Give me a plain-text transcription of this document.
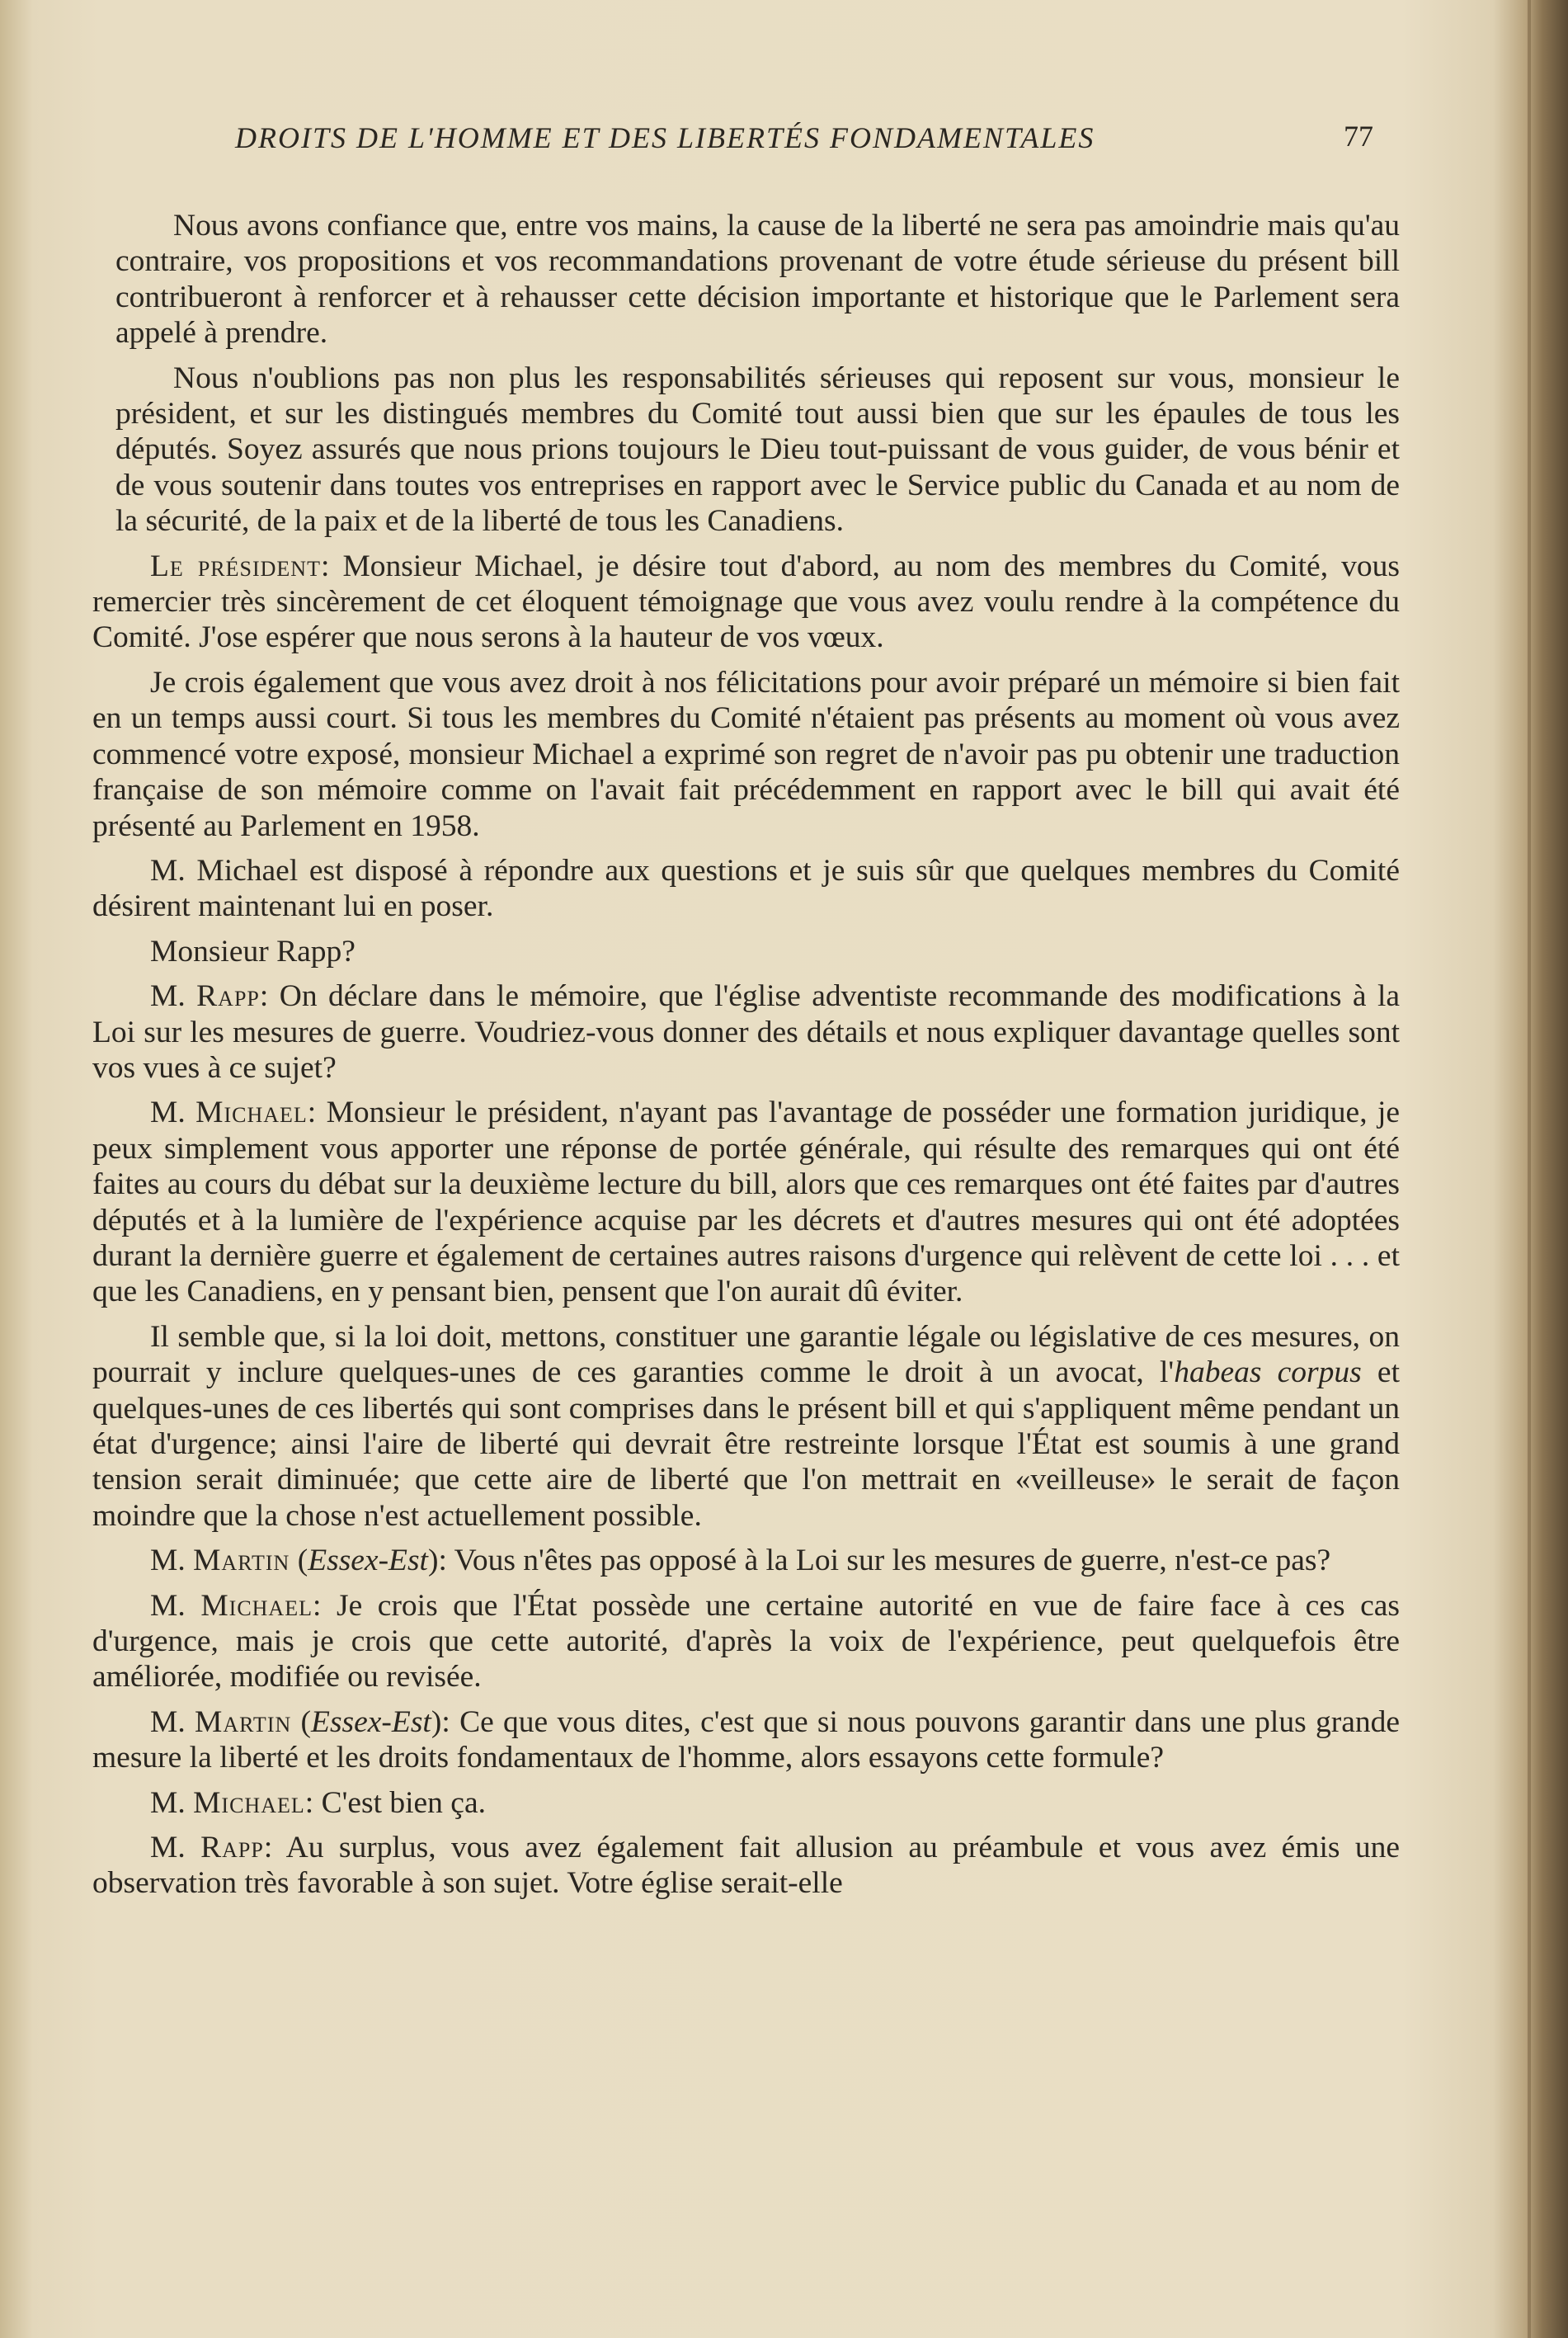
DROITS DE L'HOMME ET DES LIBERTÉS FONDAMENTALES	77

Nous avons confiance que, entre vos mains, la cause de la liberté ne sera pas amoindrie mais qu'au contraire, vos propositions et vos recommandations provenant de votre étude sérieuse du présent bill contribueront à renforcer et à rehausser cette décision importante et historique que le Parlement sera appelé à prendre.

Nous n'oublions pas non plus les responsabilités sérieuses qui reposent sur vous, monsieur le président, et sur les distingués membres du Comité tout aussi bien que sur les épaules de tous les députés. Soyez assurés que nous prions toujours le Dieu tout-puissant de vous guider, de vous bénir et de vous soutenir dans toutes vos entreprises en rapport avec le Service public du Canada et au nom de la sécurité, de la paix et de la liberté de tous les Canadiens.

Le président: Monsieur Michael, je désire tout d'abord, au nom des membres du Comité, vous remercier très sincèrement de cet éloquent témoignage que vous avez voulu rendre à la compétence du Comité. J'ose espérer que nous serons à la hauteur de vos vœux.

Je crois également que vous avez droit à nos félicitations pour avoir préparé un mémoire si bien fait en un temps aussi court. Si tous les membres du Comité n'étaient pas présents au moment où vous avez commencé votre exposé, monsieur Michael a exprimé son regret de n'avoir pas pu obtenir une traduction française de son mémoire comme on l'avait fait précédemment en rapport avec le bill qui avait été présenté au Parlement en 1958.

M. Michael est disposé à répondre aux questions et je suis sûr que quelques membres du Comité désirent maintenant lui en poser.

Monsieur Rapp?

M. Rapp: On déclare dans le mémoire, que l'église adventiste recommande des modifications à la Loi sur les mesures de guerre. Voudriez-vous donner des détails et nous expliquer davantage quelles sont vos vues à ce sujet?

M. Michael: Monsieur le président, n'ayant pas l'avantage de posséder une formation juridique, je peux simplement vous apporter une réponse de portée générale, qui résulte des remarques qui ont été faites au cours du débat sur la deuxième lecture du bill, alors que ces remarques ont été faites par d'autres députés et à la lumière de l'expérience acquise par les décrets et d'autres mesures qui ont été adoptées durant la dernière guerre et également de certaines autres raisons d'urgence qui relèvent de cette loi . . . et que les Canadiens, en y pensant bien, pensent que l'on aurait dû éviter.

Il semble que, si la loi doit, mettons, constituer une garantie légale ou législative de ces mesures, on pourrait y inclure quelques-unes de ces garanties comme le droit à un avocat, l'habeas corpus et quelques-unes de ces libertés qui sont comprises dans le présent bill et qui s'appliquent même pendant un état d'urgence; ainsi l'aire de liberté qui devrait être restreinte lorsque l'État est soumis à une grand tension serait diminuée; que cette aire de liberté que l'on mettrait en «veilleuse» le serait de façon moindre que la chose n'est actuellement possible.

M. Martin (Essex-Est): Vous n'êtes pas opposé à la Loi sur les mesures de guerre, n'est-ce pas?

M. Michael: Je crois que l'État possède une certaine autorité en vue de faire face à ces cas d'urgence, mais je crois que cette autorité, d'après la voix de l'expérience, peut quelquefois être améliorée, modifiée ou revisée.

M. Martin (Essex-Est): Ce que vous dites, c'est que si nous pouvons garantir dans une plus grande mesure la liberté et les droits fondamentaux de l'homme, alors essayons cette formule?

M. Michael: C'est bien ça.

M. Rapp: Au surplus, vous avez également fait allusion au préambule et vous avez émis une observation très favorable à son sujet. Votre église serait-elle
